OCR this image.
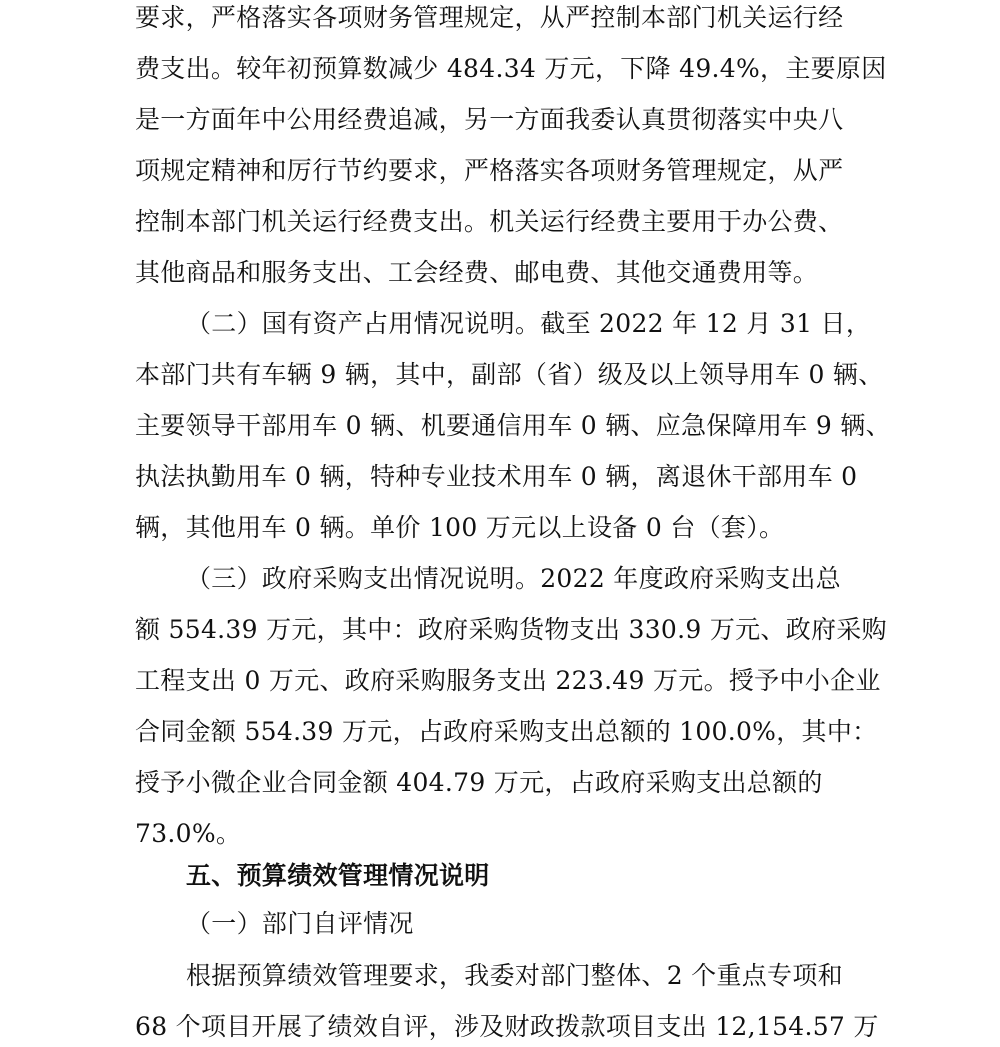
要求，严格落实各项财务管理规定，从严控制本部门机关运行经
费支出。较年初预算数减少 484.34 万元，下降 49.4%，主要原因
是一方面年中公用经费追减，另一方面我委认真贯彻落实中央八
项规定精神和厉行节约要求，严格落实各项财务管理规定，从严
控制本部门机关运行经费支出。机关运行经费主要用于办公费、
其他商品和服务支出、工会经费、邮电费、其他交通费用等。
（二）国有资产占用情况说明。截至 2022 年 12 月 31 日，
本部门共有车辆 9 辆，其中，副部（省）级及以上领导用车 0 辆、
主要领导干部用车 0 辆、机要通信用车 0 辆、应急保障用车 9 辆、
执法执勤用车 0 辆，特种专业技术用车 0 辆，离退休干部用车 0
辆，其他用车 0 辆。单价 100 万元以上设备 0 台（套）。
（三）政府采购支出情况说明。2022 年度政府采购支出总
额 554.39 万元，其中：政府采购货物支出 330.9 万元、政府采购
工程支出 0 万元、政府采购服务支出 223.49 万元。授予中小企业
合同金额 554.39 万元，占政府采购支出总额的 100.0%，其中：
授予小微企业合同金额 404.79 万元，占政府采购支出总额的
73.0%。
五、预算绩效管理情况说明
（一）部门自评情况
根据预算绩效管理要求，我委对部门整体、2 个重点专项和
68 个项目开展了绩效自评，涉及财政拨款项目支出 12,154.57 万
